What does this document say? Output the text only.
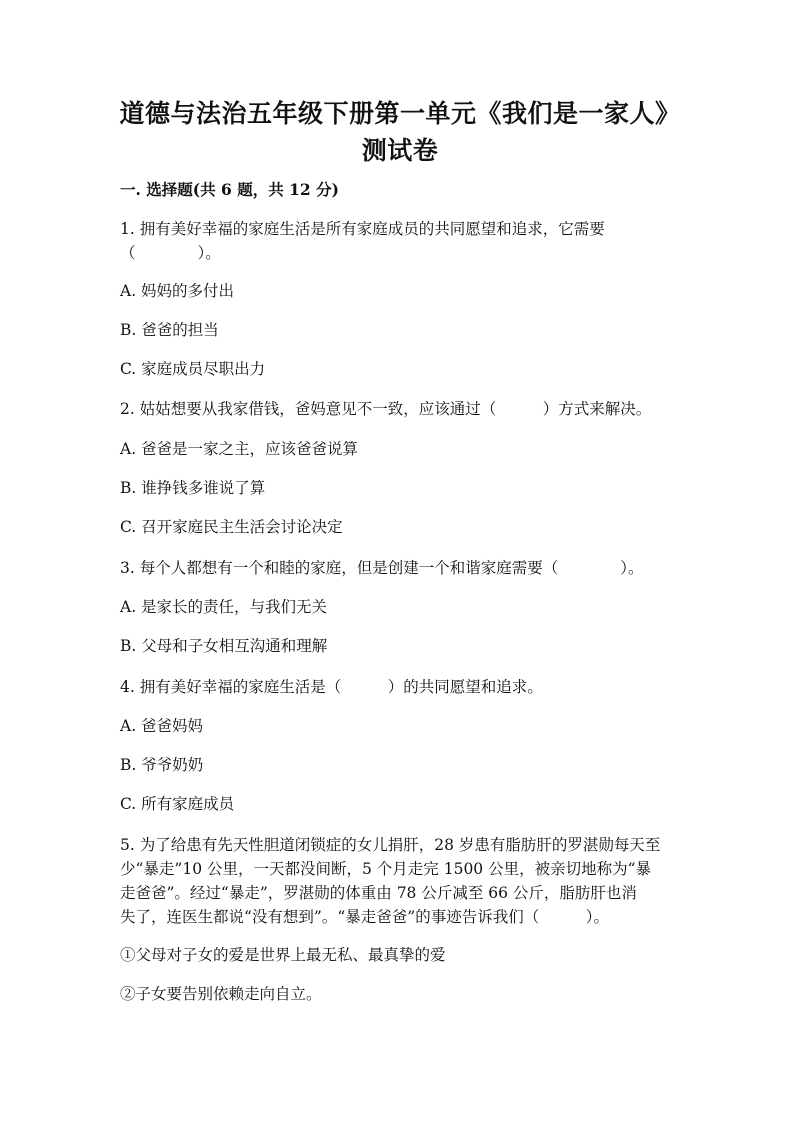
道德与法治五年级下册第一单元《我们是一家人》
测试卷
一. 选择题(共 6 题，共 12 分)
1. 拥有美好幸福的家庭生活是所有家庭成员的共同愿望和追求，它需要
（　　　　）。
A. 妈妈的多付出
B. 爸爸的担当
C. 家庭成员尽职出力
2. 姑姑想要从我家借钱，爸妈意见不一致，应该通过（　　　）方式来解决。
A. 爸爸是一家之主，应该爸爸说算
B. 谁挣钱多谁说了算
C. 召开家庭民主生活会讨论决定
3. 每个人都想有一个和睦的家庭，但是创建一个和谐家庭需要（　　　　）。
A. 是家长的责任，与我们无关
B. 父母和子女相互沟通和理解
4. 拥有美好幸福的家庭生活是（　　　）的共同愿望和追求。
A. 爸爸妈妈
B. 爷爷奶奶
C. 所有家庭成员
5. 为了给患有先天性胆道闭锁症的女儿捐肝，28 岁患有脂肪肝的罗湛勋每天至
少“暴走”10 公里，一天都没间断，5 个月走完 1500 公里，被亲切地称为“暴
走爸爸”。经过“暴走”，罗湛勋的体重由 78 公斤减至 66 公斤，脂肪肝也消
失了，连医生都说“没有想到”。“暴走爸爸”的事迹告诉我们（　　　）。
①父母对子女的爱是世界上最无私、最真挚的爱
②子女要告别依赖走向自立。
